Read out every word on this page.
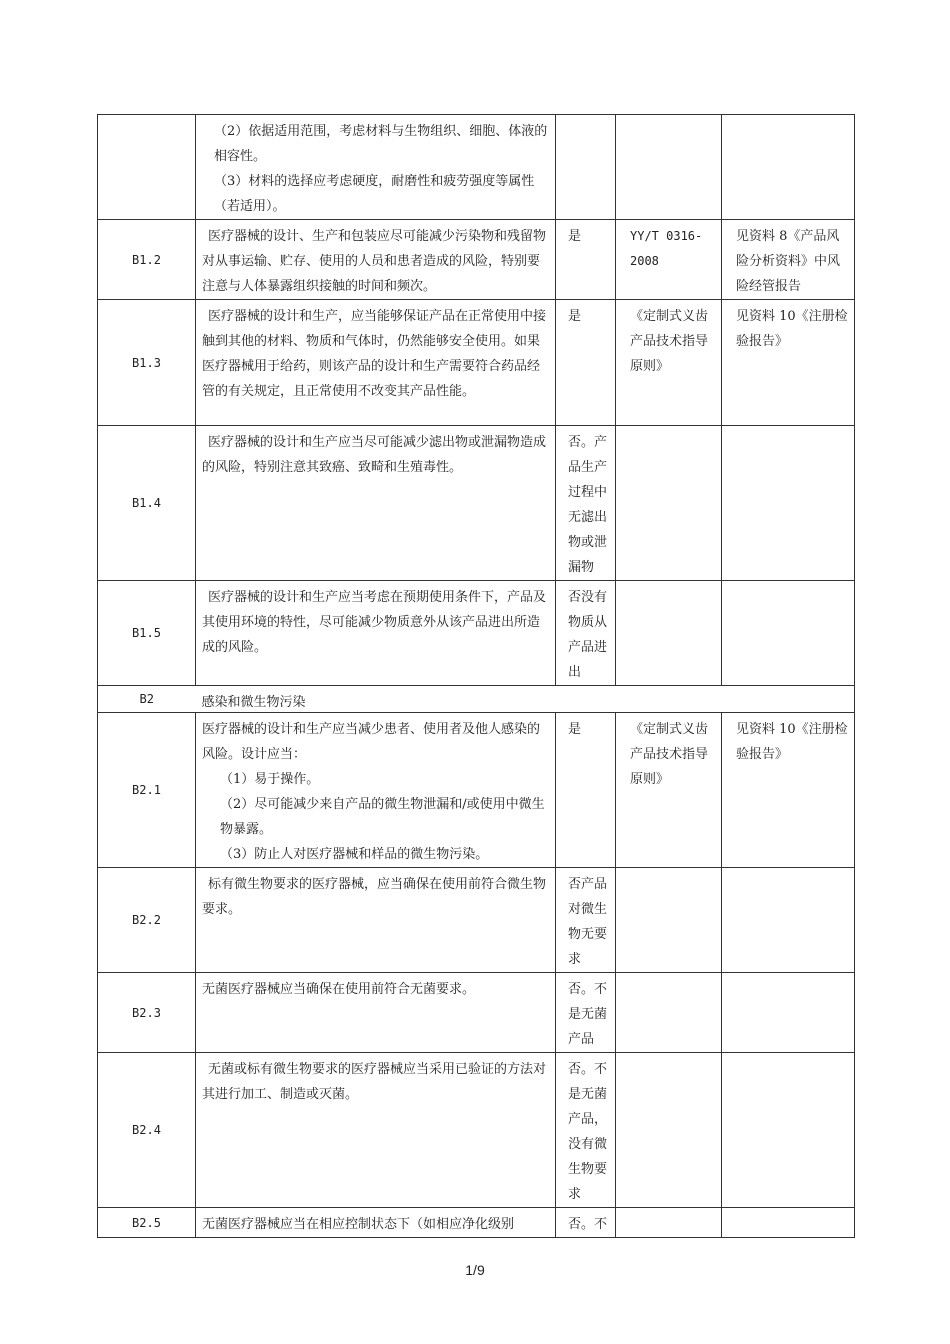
	（2）依据适用范围，考虑材料与生物组织、细胞、体液的相容性。

（3）材料的选择应考虑硬度，耐磨性和疲劳强度等属性（若适用）。			

B1.2	医疗器械的设计、生产和包装应尽可能减少污染物和残留物对从事运输、贮存、使用的人员和患者造成的风险，特别要注意与人体暴露组织接触的时间和频次。	是	YY/T 0316-2008	见资料 8《产品风险分析资料》中风险经管报告
B1.3	医疗器械的设计和生产，应当能够保证产品在正常使用中接触到其他的材料、物质和气体时，仍然能够安全使用。如果医疗器械用于给药，则该产品的设计和生产需要符合药品经管的有关规定，且正常使用不改变其产品性能。	是	《定制式义齿产品技术指导原则》	见资料 10《注册检验报告》
B1.4	医疗器械的设计和生产应当尽可能减少滤出物或泄漏物造成的风险，特别注意其致癌、致畸和生殖毒性。	否。产品生产过程中无滤出物或泄漏物		
B1.5	医疗器械的设计和生产应当考虑在预期使用条件下，产品及其使用环境的特性，尽可能减少物质意外从该产品进出所造成的风险。	否没有物质从产品进出		
B2	感染和微生物污染			
B2.1	医疗器械的设计和生产应当减少患者、使用者及他人感染的风险。设计应当：

（1）易于操作。

（2）尽可能减少来自产品的微生物泄漏和/或使用中微生物暴露。

（3）防止人对医疗器械和样品的微生物污染。	是	《定制式义齿产品技术指导原则》	见资料 10《注册检验报告》
B2.2	标有微生物要求的医疗器械，应当确保在使用前符合微生物要求。	否产品对微生物无要求		
B2.3	无菌医疗器械应当确保在使用前符合无菌要求。	否。不是无菌产品		
B2.4	无菌或标有微生物要求的医疗器械应当采用已验证的方法对其进行加工、制造或灭菌。	否。不是无菌产品，没有微生物要求		
B2.5	无菌医疗器械应当在相应控制状态下（如相应净化级别	否。不		
1/9
